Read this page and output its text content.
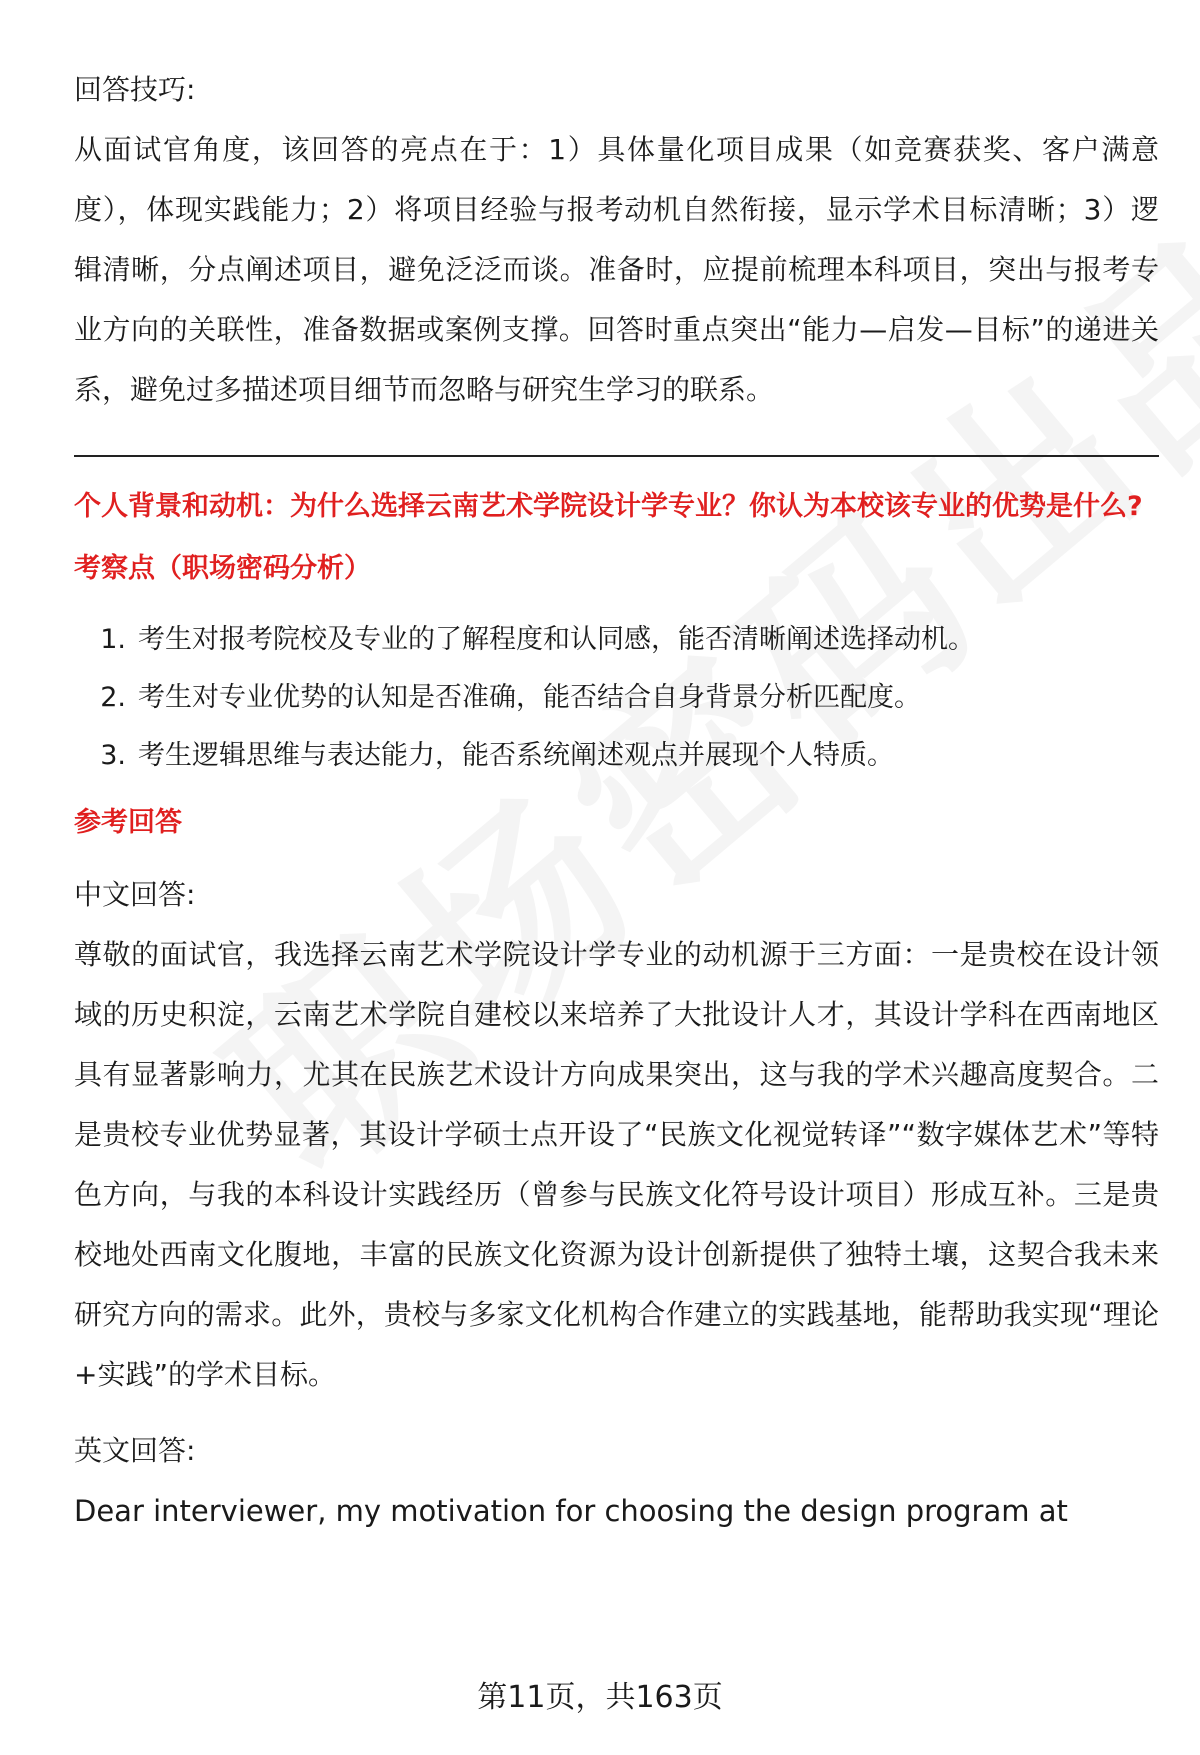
回答技巧:

从面试官角度，该回答的亮点在于：1）具体量化项目成果（如竞赛获奖、客户满意度），体现实践能力；2）将项目经验与报考动机自然衔接，显示学术目标清晰；3）逻辑清晰，分点阐述项目，避免泛泛而谈。准备时，应提前梳理本科项目，突出与报考专业方向的关联性，准备数据或案例支撑。回答时重点突出“能力—启发—目标”的递进关系，避免过多描述项目细节而忽略与研究生学习的联系。

个人背景和动机：为什么选择云南艺术学院设计学专业？你认为本校该专业的优势是什么?

考察点（职场密码分析）

1. 考生对报考院校及专业的了解程度和认同感，能否清晰阐述选择动机。
2. 考生对专业优势的认知是否准确，能否结合自身背景分析匹配度。
3. 考生逻辑思维与表达能力，能否系统阐述观点并展现个人特质。

参考回答

中文回答:

尊敬的面试官，我选择云南艺术学院设计学专业的动机源于三方面：一是贵校在设计领域的历史积淀，云南艺术学院自建校以来培养了大批设计人才，其设计学科在西南地区具有显著影响力，尤其在民族艺术设计方向成果突出，这与我的学术兴趣高度契合。二是贵校专业优势显著，其设计学硕士点开设了“民族文化视觉转译”“数字媒体艺术”等特色方向，与我的本科设计实践经历（曾参与民族文化符号设计项目）形成互补。三是贵校地处西南文化腹地，丰富的民族文化资源为设计创新提供了独特土壤，这契合我未来研究方向的需求。此外，贵校与多家文化机构合作建立的实践基地，能帮助我实现“理论+实践”的学术目标。

英文回答:

Dear interviewer, my motivation for choosing the design program at

第11页，共163页
